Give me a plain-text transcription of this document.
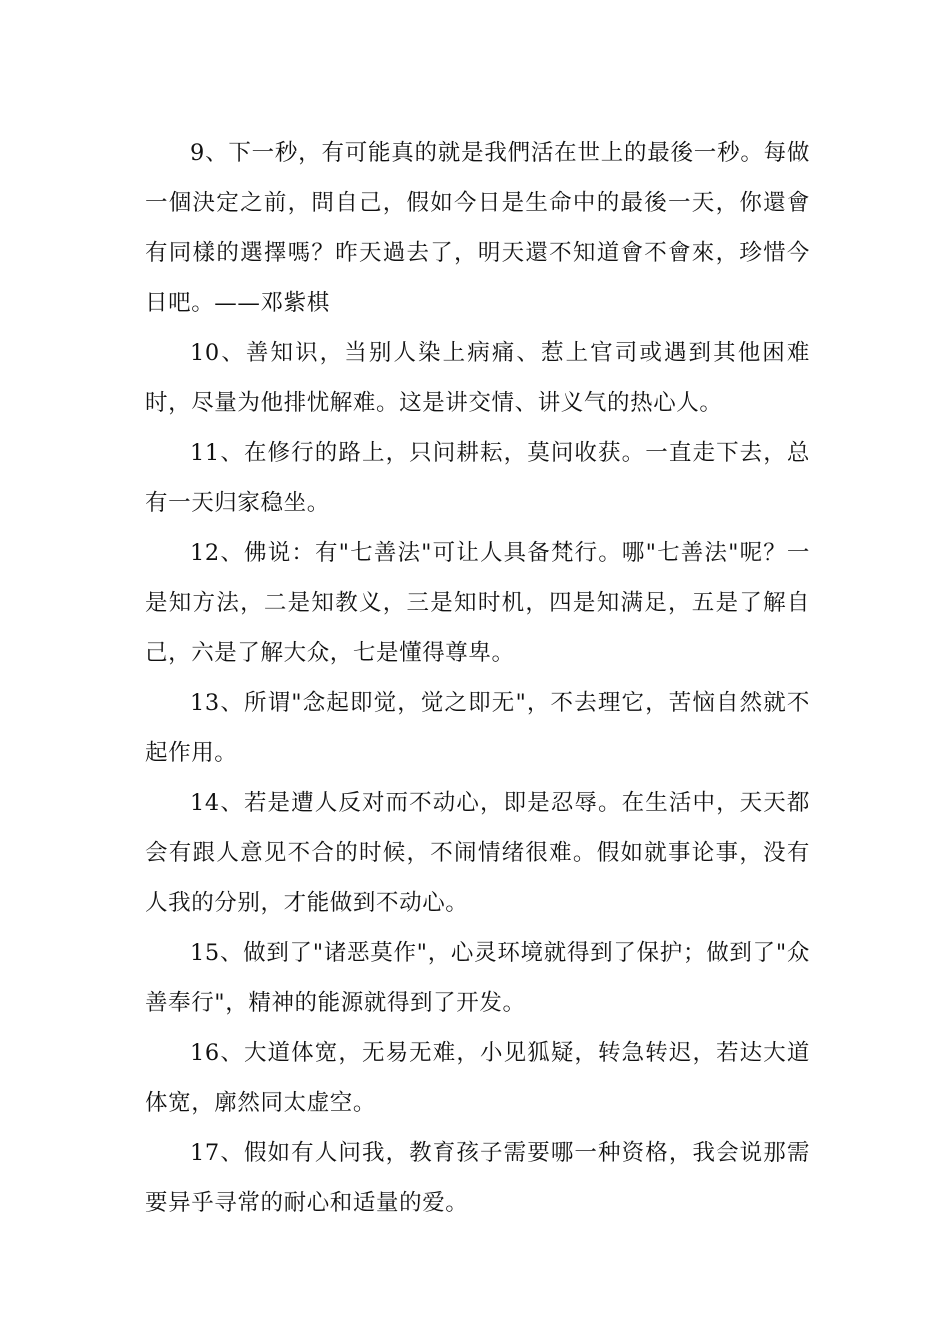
9、下一秒，有可能真的就是我們活在世上的最後一秒。每做一個決定之前，問自己，假如今日是生命中的最後一天，你還會有同樣的選擇嗎？昨天過去了，明天還不知道會不會來，珍惜今日吧。——邓紫棋

10、善知识，当别人染上病痛、惹上官司或遇到其他困难时，尽量为他排忧解难。这是讲交情、讲义气的热心人。

11、在修行的路上，只问耕耘，莫问收获。一直走下去，总有一天归家稳坐。

12、佛说：有"七善法"可让人具备梵行。哪"七善法"呢？一是知方法，二是知教义，三是知时机，四是知满足，五是了解自己，六是了解大众，七是懂得尊卑。

13、所谓"念起即觉，觉之即无"，不去理它，苦恼自然就不起作用。

14、若是遭人反对而不动心，即是忍辱。在生活中，天天都会有跟人意见不合的时候，不闹情绪很难。假如就事论事，没有人我的分别，才能做到不动心。

15、做到了"诸恶莫作"，心灵环境就得到了保护；做到了"众善奉行"，精神的能源就得到了开发。

16、大道体宽，无易无难，小见狐疑，转急转迟，若达大道体宽，廓然同太虚空。

17、假如有人问我，教育孩子需要哪一种资格，我会说那需要异乎寻常的耐心和适量的爱。
